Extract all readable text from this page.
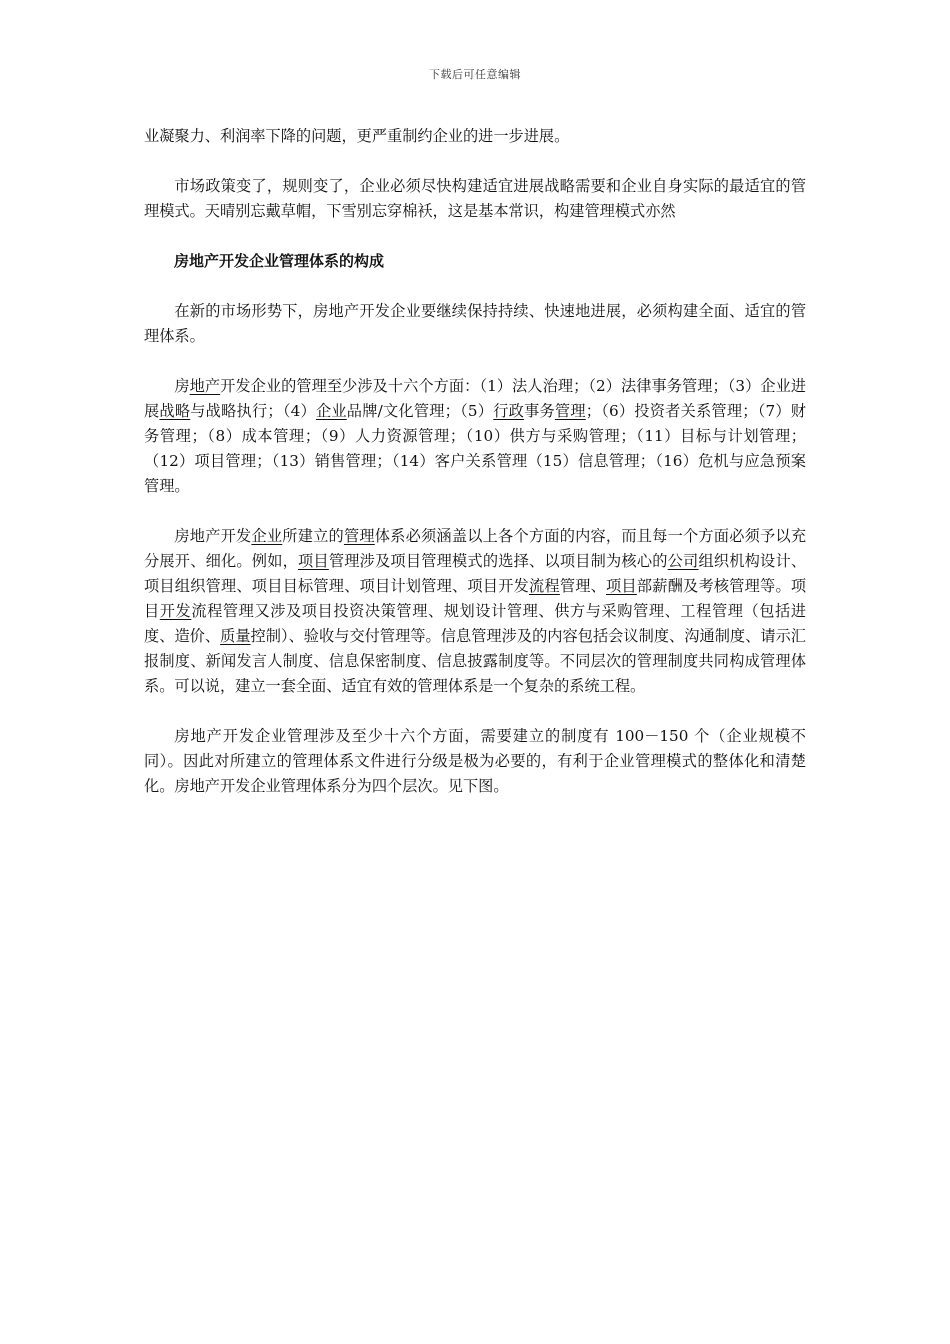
下载后可任意编辑

业凝聚力、利润率下降的问题，更严重制约企业的进一步进展。

市场政策变了，规则变了，企业必须尽快构建适宜进展战略需要和企业自身实际的最适宜的管理模式。天晴别忘戴草帽，下雪别忘穿棉袄，这是基本常识，构建管理模式亦然

房地产开发企业管理体系的构成

在新的市场形势下，房地产开发企业要继续保持持续、快速地进展，必须构建全面、适宜的管理体系。

房地产开发企业的管理至少涉及十六个方面：（1）法人治理；（2）法律事务管理；（3）企业进展战略与战略执行；（4）企业品牌/文化管理；（5）行政事务管理；（6）投资者关系管理；（7）财务管理；（8）成本管理；（9）人力资源管理；（10）供方与采购管理；（11）目标与计划管理；（12）项目管理；（13）销售管理；（14）客户关系管理（15）信息管理；（16）危机与应急预案管理。

房地产开发企业所建立的管理体系必须涵盖以上各个方面的内容，而且每一个方面必须予以充分展开、细化。例如，项目管理涉及项目管理模式的选择、以项目制为核心的公司组织机构设计、项目组织管理、项目目标管理、项目计划管理、项目开发流程管理、项目部薪酬及考核管理等。项目开发流程管理又涉及项目投资决策管理、规划设计管理、供方与采购管理、工程管理（包括进度、造价、质量控制）、验收与交付管理等。信息管理涉及的内容包括会议制度、沟通制度、请示汇报制度、新闻发言人制度、信息保密制度、信息披露制度等。不同层次的管理制度共同构成管理体系。可以说，建立一套全面、适宜有效的管理体系是一个复杂的系统工程。

房地产开发企业管理涉及至少十六个方面，需要建立的制度有 100－150 个（企业规模不同）。因此对所建立的管理体系文件进行分级是极为必要的，有利于企业管理模式的整体化和清楚化。房地产开发企业管理体系分为四个层次。见下图。
